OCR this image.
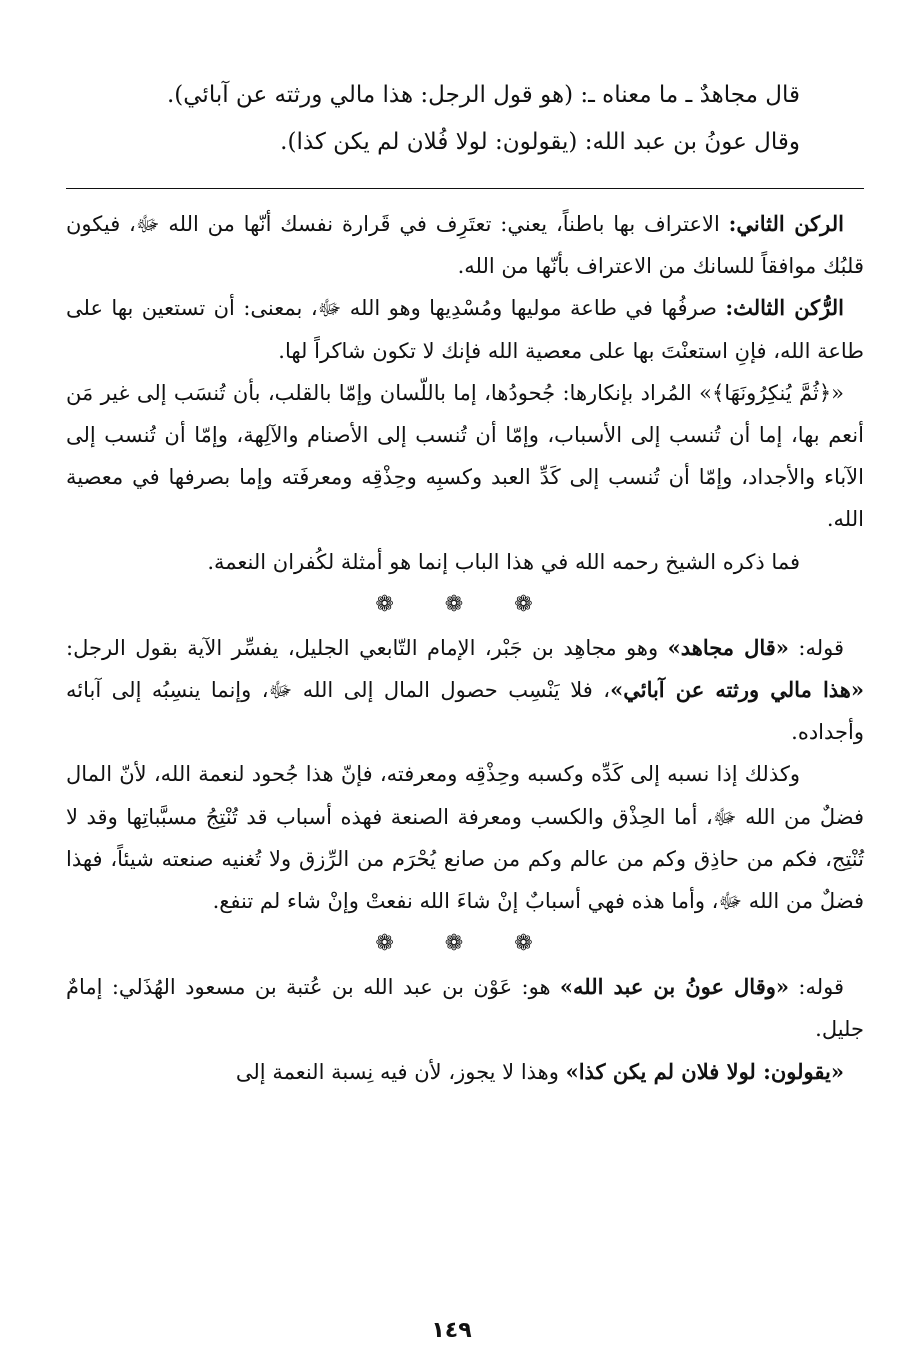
قال مجاهدٌ ـ ما معناه ـ: (هو قول الرجل: هذا مالي ورثته عن آبائي).

وقال عونُ بن عبد الله: (يقولون: لولا فُلان لم يكن كذا).

الركن الثاني: الاعتراف بها باطناً، يعني: تعتَرِف في قَرارة نفسك أنّها من الله ﷻ، فيكون قلبُك موافقاً للسانك من الاعتراف بأنّها من الله.

الرُّكن الثالث: صرفُها في طاعة موليها ومُسْدِيها وهو الله ﷻ، بمعنى: أن تستعين بها على طاعة الله، فإنِ استعنْتَ بها على معصية الله فإنك لا تكون شاكراً لها.

«﴿ثُمَّ يُنكِرُونَهَا﴾» المُراد بإنكارها: جُحودُها، إما باللّسان وإمّا بالقلب، بأن تُنسَب إلى غير مَن أنعم بها، إما أن تُنسب إلى الأسباب، وإمّا أن تُنسب إلى الأصنام والآلِهة، وإمّا أن تُنسب إلى الآباء والأجداد، وإمّا أن تُنسب إلى كَدِّ العبد وكسبِه وحِذْقِه ومعرفَته وإما بصرفها في معصية الله.

فما ذكره الشيخ رحمه الله في هذا الباب إنما هو أمثلة لكُفران النعمة.

❁ ❁ ❁

قوله: «قال مجاهد» وهو مجاهِد بن جَبْر، الإمام التّابعي الجليل، يفسِّر الآية بقول الرجل: «هذا مالي ورثته عن آبائي»، فلا يَنْسِب حصول المال إلى الله ﷻ، وإنما ينسِبُه إلى آبائه وأجداده.

وكذلك إذا نسبه إلى كَدِّه وكسبه وحِذْقِه ومعرفته، فإنّ هذا جُحود لنعمة الله، لأنّ المال فضلٌ من الله ﷻ، أما الحِذْق والكسب ومعرفة الصنعة فهذه أسباب قد تُنْتِجُ مسبَّباتِها وقد لا تُنْتِج، فكم من حاذِق وكم من عالم وكم من صانع يُحْرَم من الرِّزق ولا تُغنيه صنعته شيئاً، فهذا فضلٌ من الله ﷻ، وأما هذه فهي أسبابٌ إنْ شاءَ الله نفعتْ وإنْ شاء لم تنفع.

❁ ❁ ❁

قوله: «وقال عونُ بن عبد الله» هو: عَوْن بن عبد الله بن عُتبة بن مسعود الهُذَلي: إمامٌ جليل.

«يقولون: لولا فلان لم يكن كذا» وهذا لا يجوز، لأن فيه نِسبة النعمة إلى

١٤٩
